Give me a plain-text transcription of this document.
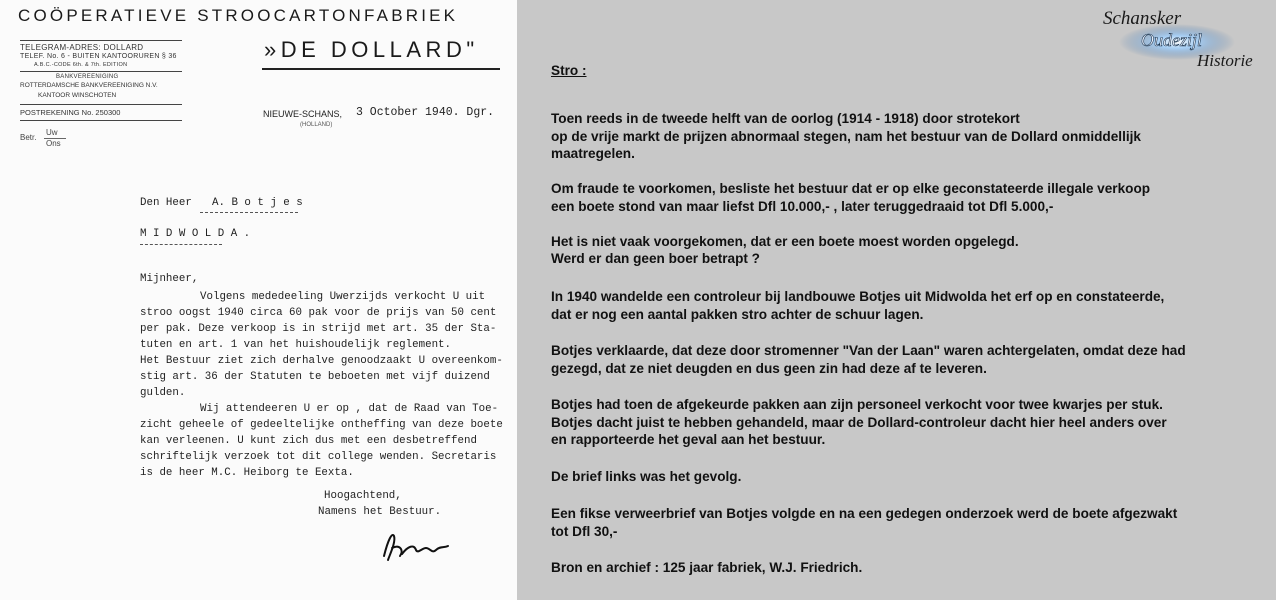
COÖPERATIEVE STROOCARTONFABRIEK
»DE DOLLARD"
TELEGRAM-ADRES: DOLLARD
TELEF. No. 6 - BUITEN KANTOORUREN § 36
A.B.C.-CODE 6th. & 7th. EDITION
BANKVEREENIGING
ROTTERDAMSCHE BANKVEREENIGING N.V.
KANTOOR WINSCHOTEN
POSTREKENING No. 250300
Betr.
Uw
Ons
NIEUWE-SCHANS,
(HOLLAND)
3 October 1940. Dgr.
Den Heer A. B o t j e s
M I D W O L D A .
Mijnheer,
Volgens mededeeling Uwerzijds verkocht U uit
stroo oogst 1940 circa 60 pak voor de prijs van 50 cent
per pak. Deze verkoop is in strijd met art. 35 der Sta-
tuten en art. 1 van het huishoudelijk reglement.
Het Bestuur ziet zich derhalve genoodzaakt U overeenkom-
stig art. 36 der Statuten te beboeten met vijf duizend
gulden.
Wij attendeeren U er op , dat de Raad van Toe-
zicht geheele of gedeeltelijke ontheffing van deze boete
kan verleenen. U kunt zich dus met een desbetreffend
schriftelijk verzoek tot dit college wenden. Secretaris
is de heer M.C. Heiborg te Eexta.
Hoogachtend,
Namens het Bestuur.
Stro :
Toen reeds in de tweede helft van de oorlog (1914 - 1918) door strotekort
op de vrije markt de prijzen abnormaal stegen, nam het bestuur van de Dollard onmiddellijk
maatregelen.
Om fraude te voorkomen, besliste het bestuur dat er op elke geconstateerde illegale verkoop
een boete stond van maar liefst Dfl 10.000,- , later teruggedraaid tot Dfl 5.000,-
Het is niet vaak voorgekomen, dat er een boete moest worden opgelegd.
Werd er dan geen boer betrapt ?
In 1940 wandelde een controleur bij landbouwe Botjes uit Midwolda het erf op en constateerde,
dat er nog een aantal pakken stro achter de schuur lagen.
Botjes verklaarde, dat deze door stromenner "Van der Laan" waren achtergelaten, omdat deze had
gezegd, dat ze niet deugden en dus geen zin had deze af te leveren.
Botjes had toen de afgekeurde pakken aan zijn personeel verkocht voor twee kwarjes per stuk.
Botjes dacht juist te hebben gehandeld, maar de Dollard-controleur dacht hier heel anders over
en rapporteerde het geval aan het bestuur.
De brief links was het gevolg.
Een fikse verweerbrief van Botjes volgde en na een gedegen onderzoek werd de boete afgezwakt
tot Dfl 30,-
Bron en archief : 125 jaar fabriek, W.J. Friedrich.
Schansker
Oudezijl
Historie
